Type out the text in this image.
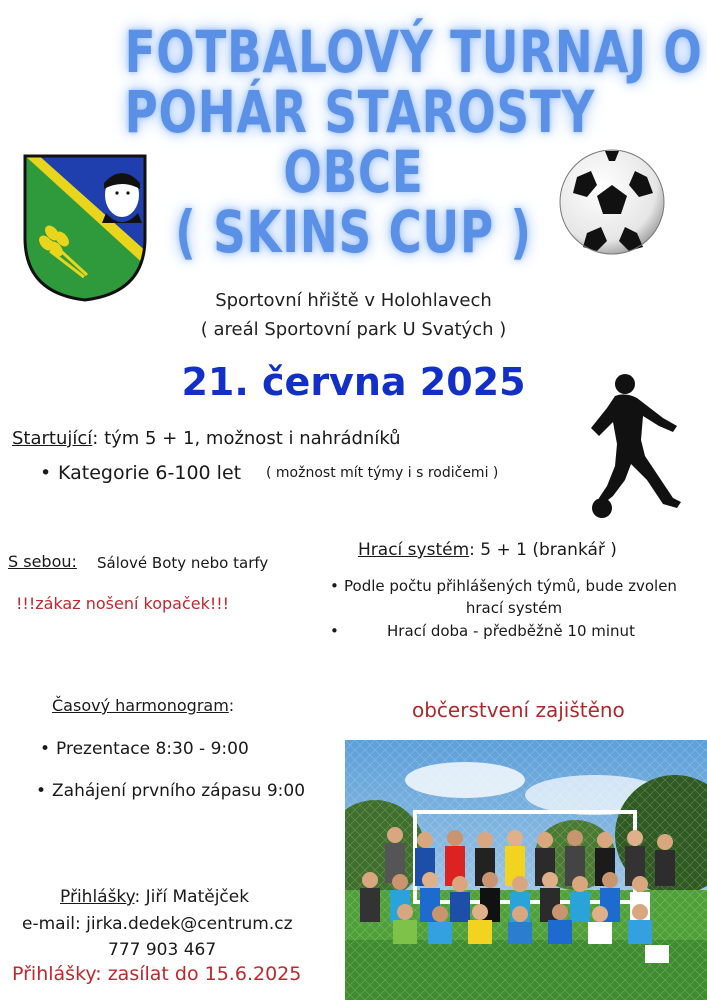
FOTBALOVÝ TURNAJ O
POHÁR STAROSTY
OBCE
( SKINS CUP )
Sportovní hřiště v Holohlavech
( areál Sportovní park U Svatých )
21. června 2025
Startující: tým 5 + 1, možnost i nahrádníků
• Kategorie 6-100 let ( možnost mít týmy i s rodičemi )
S sebou: Sálové Boty nebo tarfy
!!!zákaz nošení kopaček!!!
Hrací systém: 5 + 1 (brankář )
• Podle počtu přihlášených týmů, bude zvolen
hrací systém
•	Hrací doba - předběžně 10 minut
Časový harmonogram:
• Prezentace 8:30 - 9:00
• Zahájení prvního zápasu 9:00
občerstvení zajištěno
Přihlášky: Jiří Matějček
e-mail: jirka.dedek@centrum.cz
777 903 467
Přihlášky: zasílat do 15.6.2025
